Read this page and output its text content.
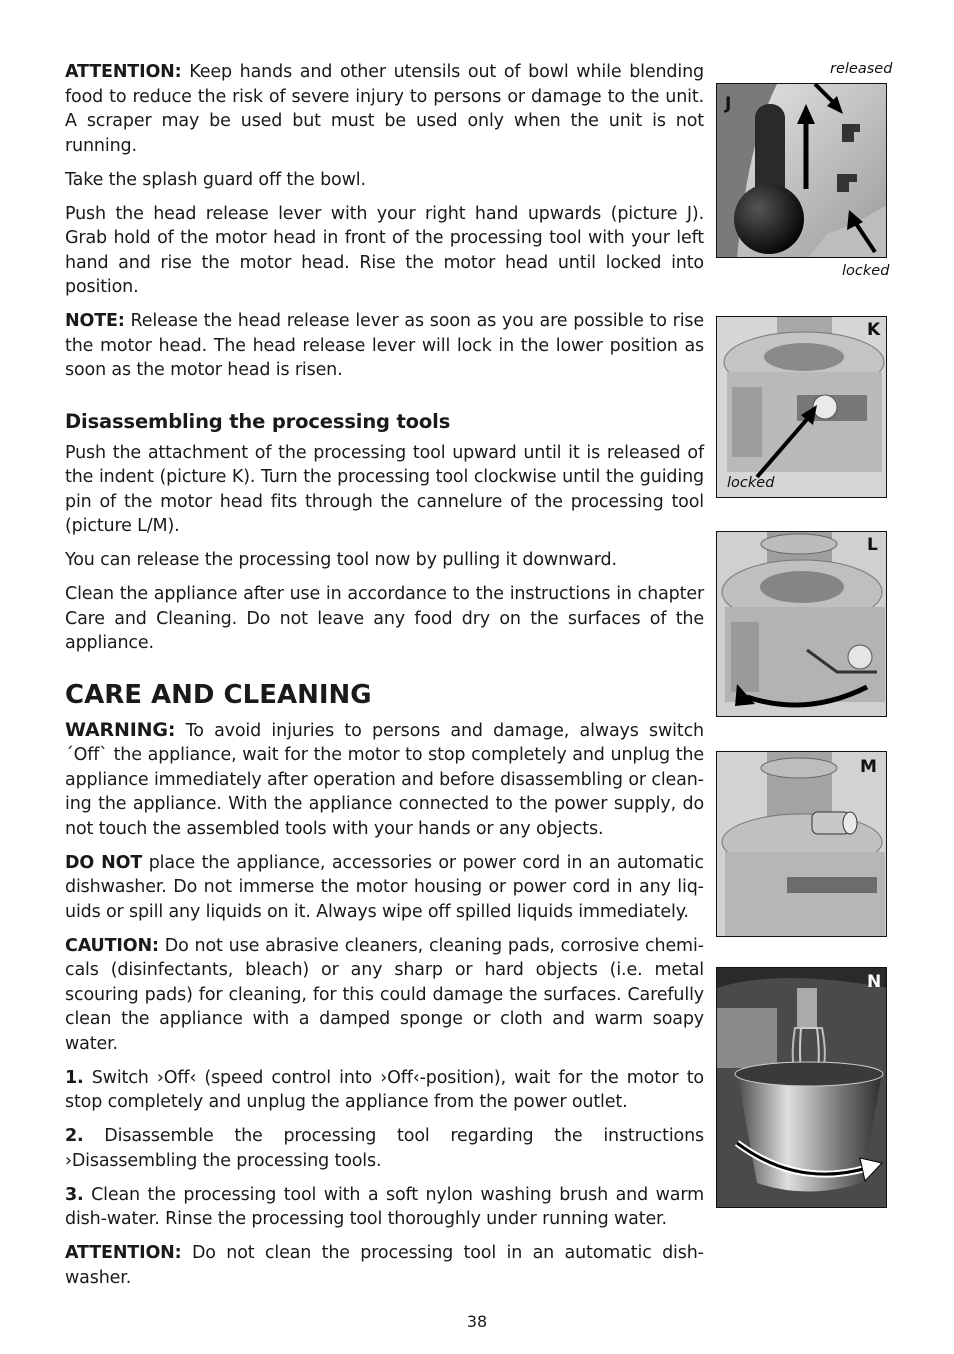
ATTENTION: Keep hands and other utensils out of bowl while blending food to reduce the risk of severe injury to persons or damage to the unit. A scraper may be used but must be used only when the unit is not running.

Take the splash guard off the bowl.

Push the head release lever with your right hand upwards (picture J). Grab hold of the motor head in front of the processing tool with your left hand and rise the motor head. Rise the motor head until locked into position.

NOTE: Release the head release lever as soon as you are possible to rise the motor head. The head release lever will lock in the lower position as soon as the motor head is risen.

Disassembling the processing tools

Push the attachment of the processing tool upward until it is released of the indent (picture K). Turn the processing tool clockwise until the guiding pin of the motor head fits through the cannelure of the processing tool (picture L/M).

You can release the processing tool now by pulling it downward.

Clean the appliance after use in accordance to the instructions in chapter Care and Cleaning. Do not leave any food dry on the surfaces of the appliance.

CARE AND CLEANING

WARNING: To avoid injuries to persons and damage, always switch ´Off` the appliance, wait for the motor to stop completely and unplug the appliance immediately after operation and before disassembling or cleaning the appliance. With the appliance connected to the power supply, do not touch the assembled tools with your hands or any objects.

DO NOT place the appliance, accessories or power cord in an automatic dishwasher. Do not immerse the motor housing or power cord in any liquids or spill any liquids on it. Always wipe off spilled liquids immediately.

CAUTION: Do not use abrasive cleaners, cleaning pads, corrosive chemicals (disinfectants, bleach) or any sharp or hard objects (i.e. metal scouring pads) for cleaning, for this could damage the surfaces. Carefully clean the appliance with a damped sponge or cloth and warm soapy water.

1. Switch ›Off‹ (speed control into ›Off‹-position), wait for the motor to stop completely and unplug the appliance from the power outlet.

2. Disassemble the processing tool regarding the instructions ›Disassembling the processing tools.

3. Clean the processing tool with a soft nylon washing brush and warm dish-water. Rinse the processing tool thoroughly under running water.

ATTENTION: Do not clean the processing tool in an automatic dishwasher.

released
J
locked
K
locked
L
M
N
38
